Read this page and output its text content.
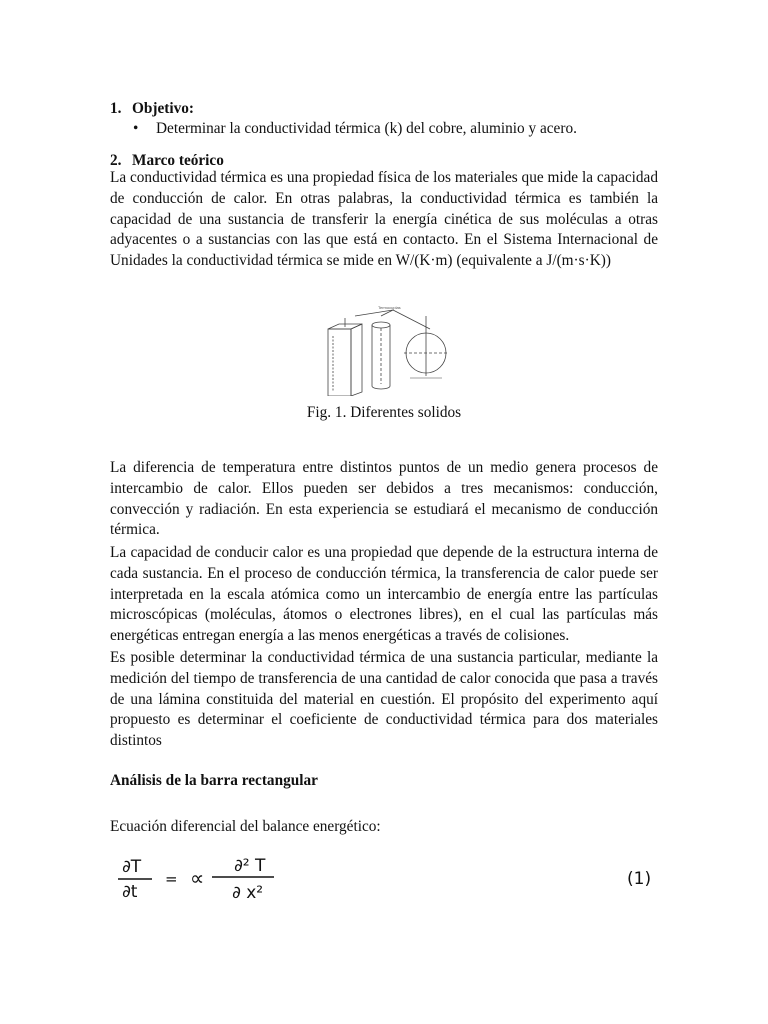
1. Objetivo:
• Determinar la conductividad térmica (k) del cobre, aluminio y acero.
2. Marco teórico
La conductividad térmica es una propiedad física de los materiales que mide la capacidad de conducción de calor. En otras palabras, la conductividad térmica es también la capacidad de una sustancia de transferir la energía cinética de sus moléculas a otras adyacentes o a sustancias con las que está en contacto. En el Sistema Internacional de Unidades la conductividad térmica se mide en W/(K·m) (equivalente a J/(m·s·K))
Termocuplas
Fig. 1. Diferentes solidos
La diferencia de temperatura entre distintos puntos de un medio genera procesos de intercambio de calor. Ellos pueden ser debidos a tres mecanismos: conducción, convección y radiación. En esta experiencia se estudiará el mecanismo de conducción térmica.
La capacidad de conducir calor es una propiedad que depende de la estructura interna de cada sustancia. En el proceso de conducción térmica, la transferencia de calor puede ser interpretada en la escala atómica como un intercambio de energía entre las partículas microscópicas (moléculas, átomos o electrones libres), en el cual las partículas más energéticas entregan energía a las menos energéticas a través de colisiones.
Es posible determinar la conductividad térmica de una sustancia particular, mediante la medición del tiempo de transferencia de una cantidad de calor conocida que pasa a través de una lámina constituida del material en cuestión. El propósito del experimento aquí propuesto es determinar el coeficiente de conductividad térmica para dos materiales distintos
Análisis de la barra rectangular
Ecuación diferencial del balance energético:
∂T
∂t
= ∝ ∂² T
∂ x²
(1)
